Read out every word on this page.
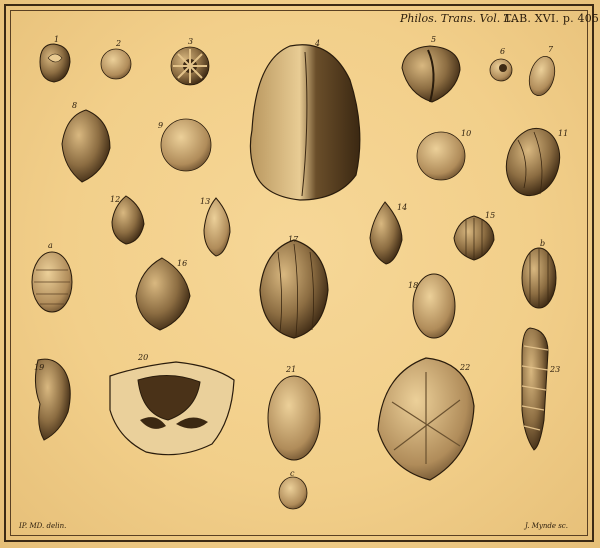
Philos. Trans. Vol. L.
TAB. XVI. p. 405
1	2	3	4	5
6	7
8
9
10	11
12	13
14
15
16
17
18
19
20
21	22	23
a	b
c
IP. MD. delin.	J. Mynde sc.
